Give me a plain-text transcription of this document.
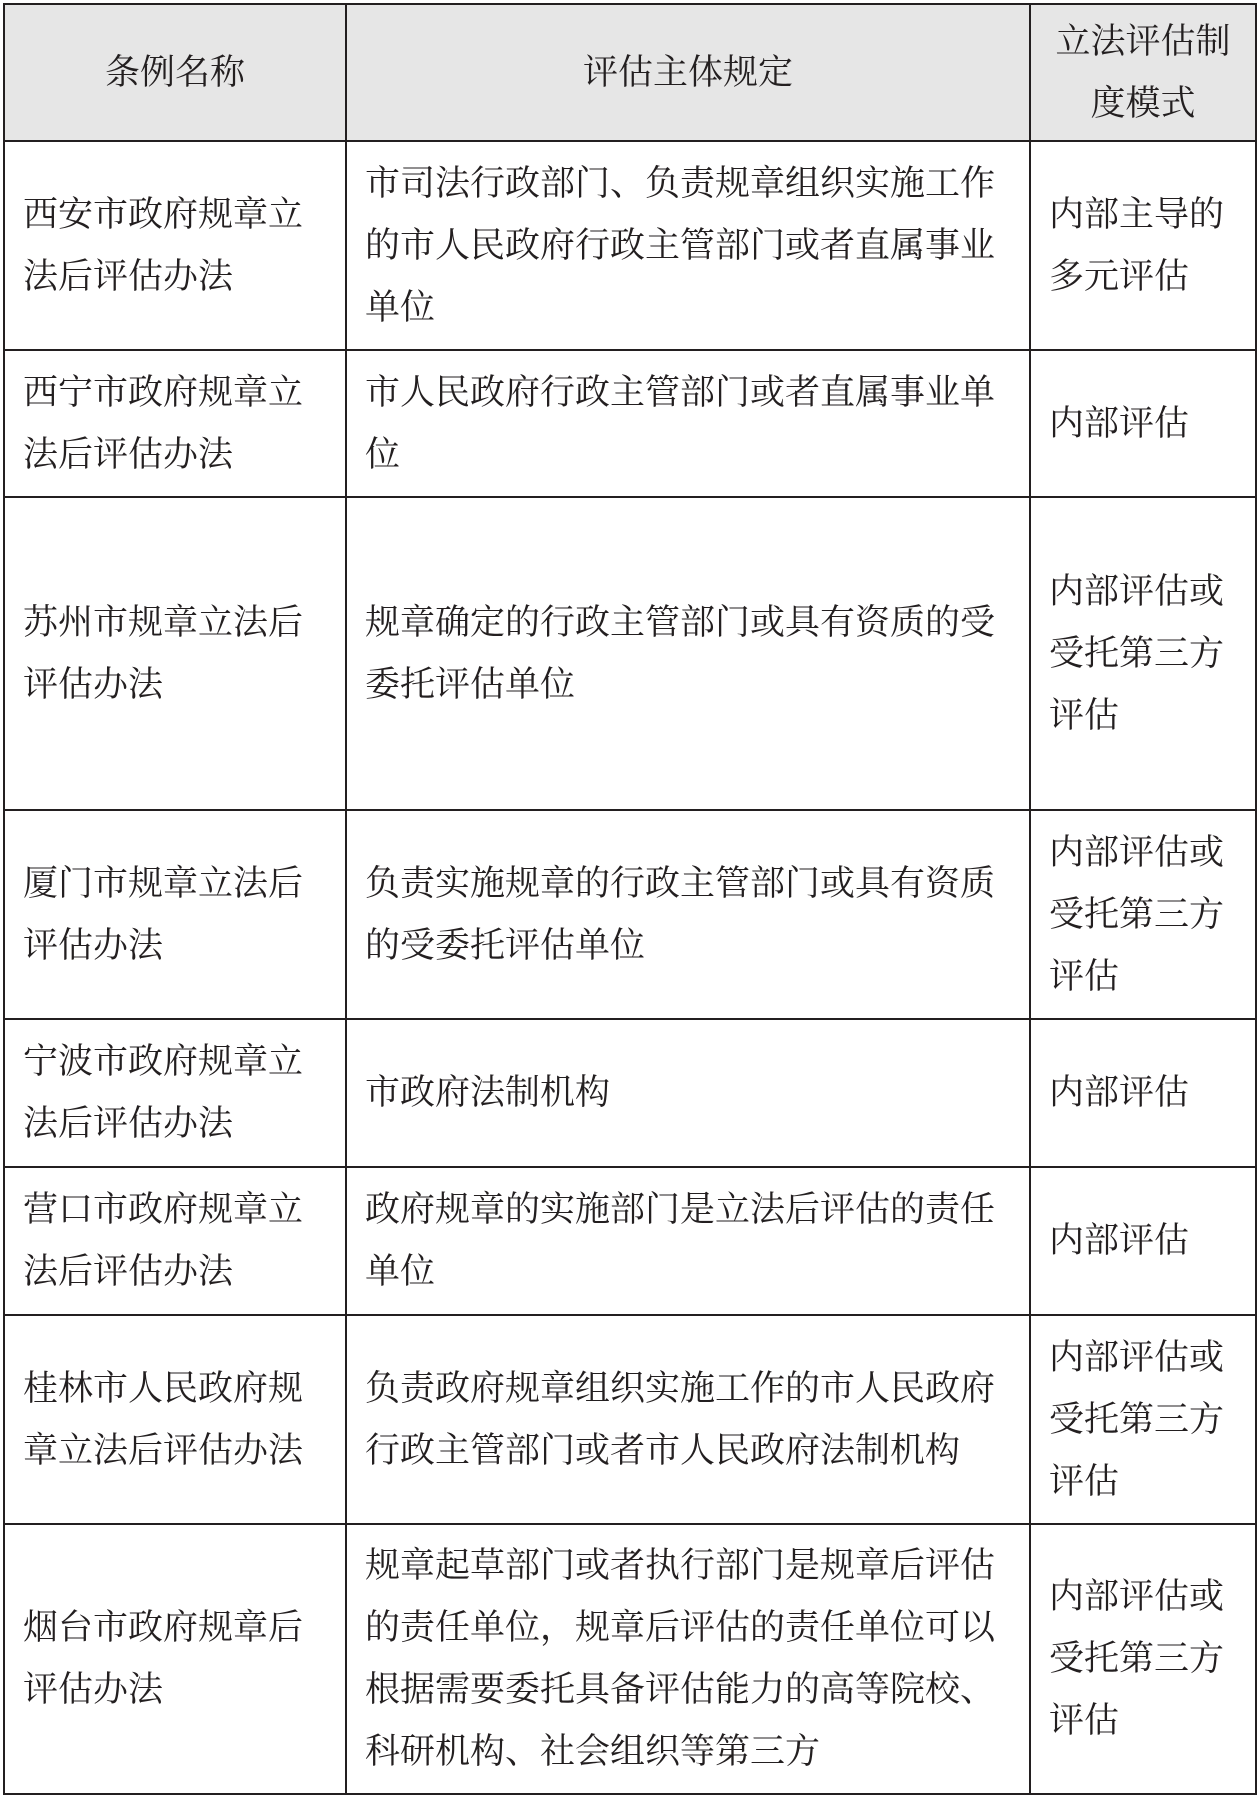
条例名称	评估主体规定	立法评估制度模式
西安市政府规章立法后评估办法	市司法行政部门、负责规章组织实施工作的市人民政府行政主管部门或者直属事业单位	内部主导的多元评估
西宁市政府规章立法后评估办法	市人民政府行政主管部门或者直属事业单位	内部评估
苏州市规章立法后评估办法	规章确定的行政主管部门或具有资质的受委托评估单位	内部评估或受托第三方评估
厦门市规章立法后评估办法	负责实施规章的行政主管部门或具有资质的受委托评估单位	内部评估或受托第三方评估
宁波市政府规章立法后评估办法	市政府法制机构	内部评估
营口市政府规章立法后评估办法	政府规章的实施部门是立法后评估的责任单位	内部评估
桂林市人民政府规章立法后评估办法	负责政府规章组织实施工作的市人民政府行政主管部门或者市人民政府法制机构	内部评估或受托第三方评估
烟台市政府规章后评估办法	规章起草部门或者执行部门是规章后评估的责任单位，规章后评估的责任单位可以根据需要委托具备评估能力的高等院校、科研机构、社会组织等第三方	内部评估或受托第三方评估
